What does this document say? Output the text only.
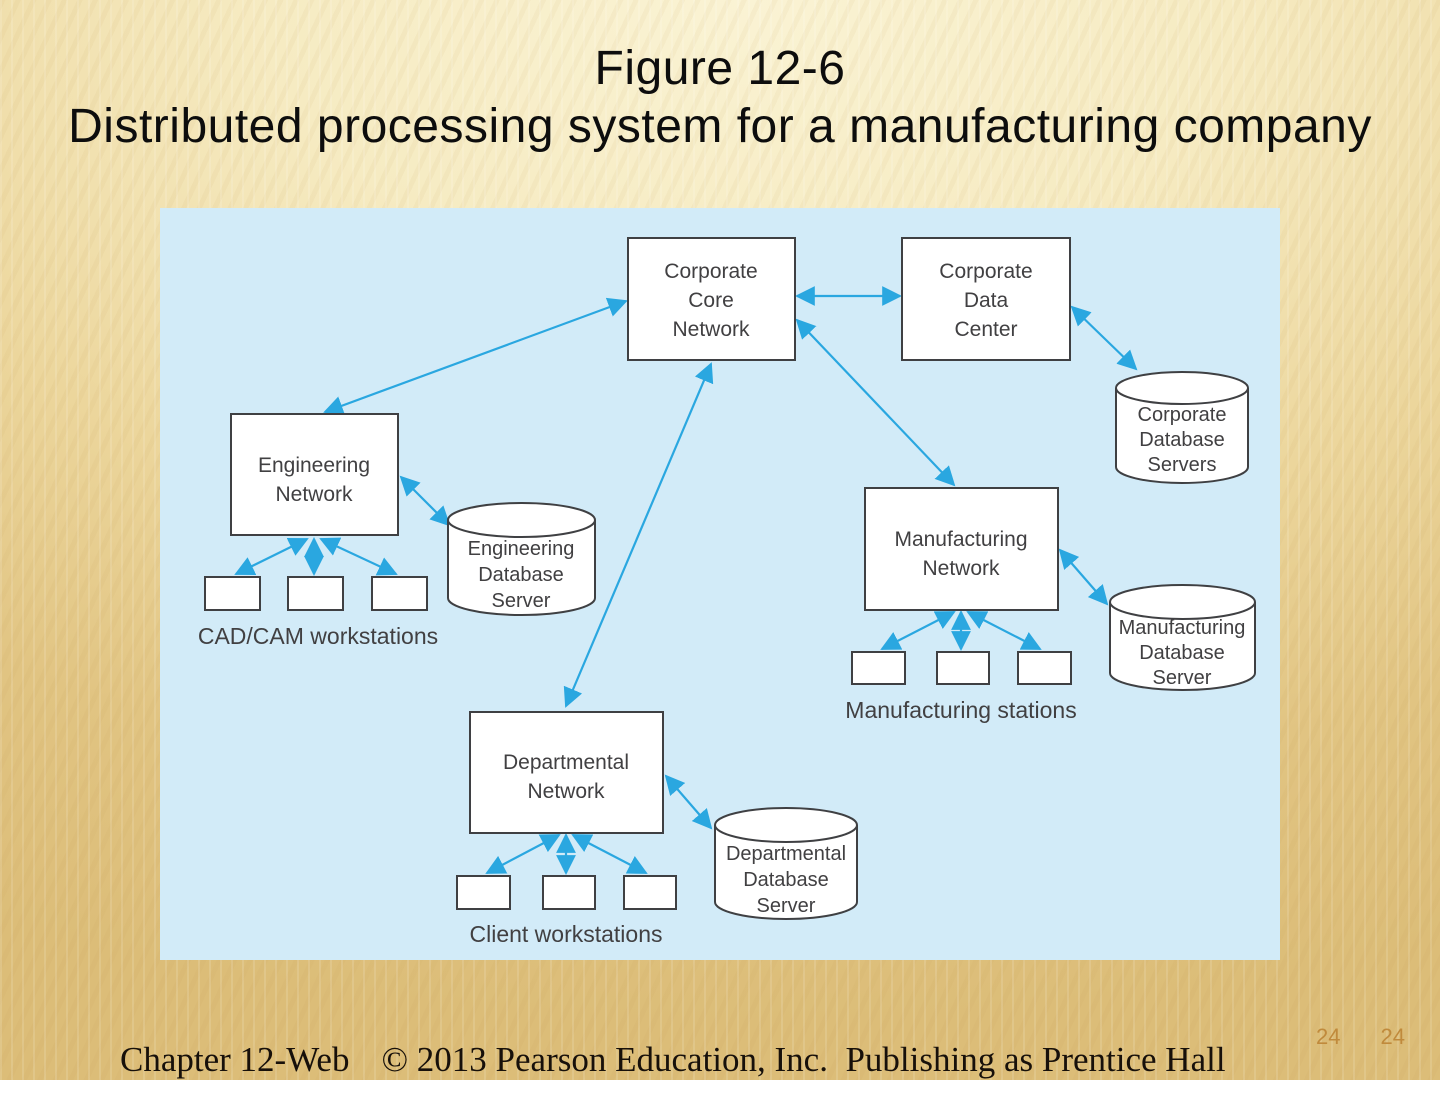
Figure 12-6
Distributed processing system for a manufacturing company
Corporate
Core
Network
Corporate
Data
Center
Engineering
Network
Manufacturing
Network
Departmental
Network
Corporate
Database
Servers
Engineering
Database
Server
Manufacturing
Database
Server
Departmental
Database
Server
CAD/CAM workstations
Manufacturing stations
Client workstations

Chapter 12-Web © 2013 Pearson Education, Inc.  Publishing as Prentice Hall

24 24
